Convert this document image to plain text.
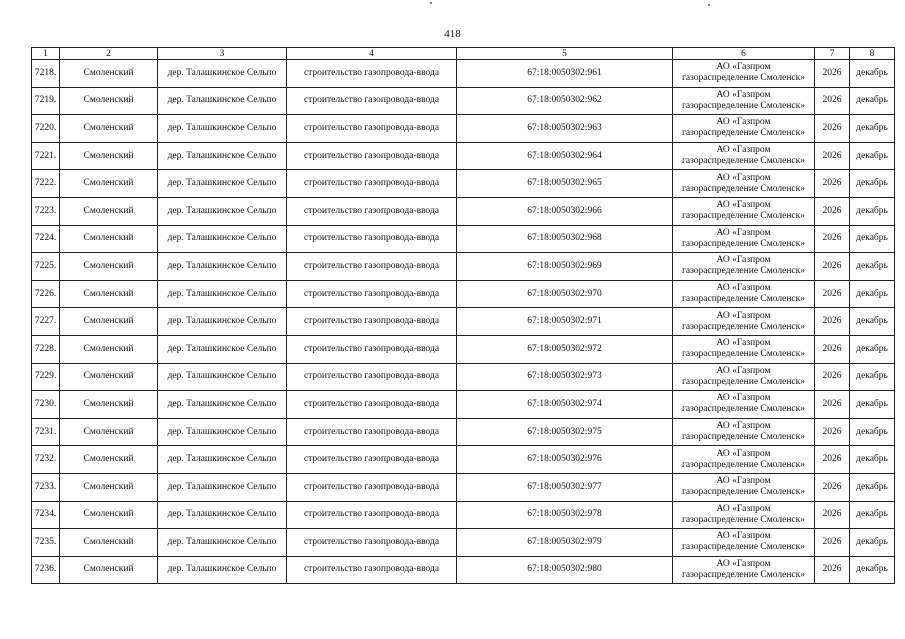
418
1	2	3	4	5	6	7	8
7218.	Смоленский	дер. Талашкинское Сельпо	строительство газопровода-ввода	67:18:0050302:961	АО «Газпром
газораспределение Смоленск»	2026	декабрь
7219.	Смоленский	дер. Талашкинское Сельпо	строительство газопровода-ввода	67:18:0050302:962	АО «Газпром
газораспределение Смоленск»	2026	декабрь
7220.	Смоленский	дер. Талашкинское Сельпо	строительство газопровода-ввода	67:18:0050302:963	АО «Газпром
газораспределение Смоленск»	2026	декабрь
7221.	Смоленский	дер. Талашкинское Сельпо	строительство газопровода-ввода	67:18:0050302:964	АО «Газпром
газораспределение Смоленск»	2026	декабрь
7222.	Смоленский	дер. Талашкинское Сельпо	строительство газопровода-ввода	67:18:0050302:965	АО «Газпром
газораспределение Смоленск»	2026	декабрь
7223.	Смоленский	дер. Талашкинское Сельпо	строительство газопровода-ввода	67:18:0050302:966	АО «Газпром
газораспределение Смоленск»	2026	декабрь
7224.	Смоленский	дер. Талашкинское Сельпо	строительство газопровода-ввода	67:18:0050302:968	АО «Газпром
газораспределение Смоленск»	2026	декабрь
7225.	Смоленский	дер. Талашкинское Сельпо	строительство газопровода-ввода	67:18:0050302:969	АО «Газпром
газораспределение Смоленск»	2026	декабрь
7226.	Смоленский	дер. Талашкинское Сельпо	строительство газопровода-ввода	67:18:0050302:970	АО «Газпром
газораспределение Смоленск»	2026	декабрь
7227.	Смоленский	дер. Талашкинское Сельпо	строительство газопровода-ввода	67:18:0050302:971	АО «Газпром
газораспределение Смоленск»	2026	декабрь
7228.	Смоленский	дер. Талашкинское Сельпо	строительство газопровода-ввода	67:18:0050302:972	АО «Газпром
газораспределение Смоленск»	2026	декабрь
7229.	Смоленский	дер. Талашкинское Сельпо	строительство газопровода-ввода	67:18:0050302:973	АО «Газпром
газораспределение Смоленск»	2026	декабрь
7230.	Смоленский	дер. Талашкинское Сельпо	строительство газопровода-ввода	67:18:0050302:974	АО «Газпром
газораспределение Смоленск»	2026	декабрь
7231.	Смоленский	дер. Талашкинское Сельпо	строительство газопровода-ввода	67:18:0050302:975	АО «Газпром
газораспределение Смоленск»	2026	декабрь
7232.	Смоленский	дер. Талашкинское Сельпо	строительство газопровода-ввода	67:18:0050302:976	АО «Газпром
газораспределение Смоленск»	2026	декабрь
7233.	Смоленский	дер. Талашкинское Сельпо	строительство газопровода-ввода	67:18:0050302:977	АО «Газпром
газораспределение Смоленск»	2026	декабрь
7234.	Смоленский	дер. Талашкинское Сельпо	строительство газопровода-ввода	67:18:0050302:978	АО «Газпром
газораспределение Смоленск»	2026	декабрь
7235.	Смоленский	дер. Талашкинское Сельпо	строительство газопровода-ввода	67:18:0050302:979	АО «Газпром
газораспределение Смоленск»	2026	декабрь
7236.	Смоленский	дер. Талашкинское Сельпо	строительство газопровода-ввода	67:18:0050302:980	АО «Газпром
газораспределение Смоленск»	2026	декабрь
